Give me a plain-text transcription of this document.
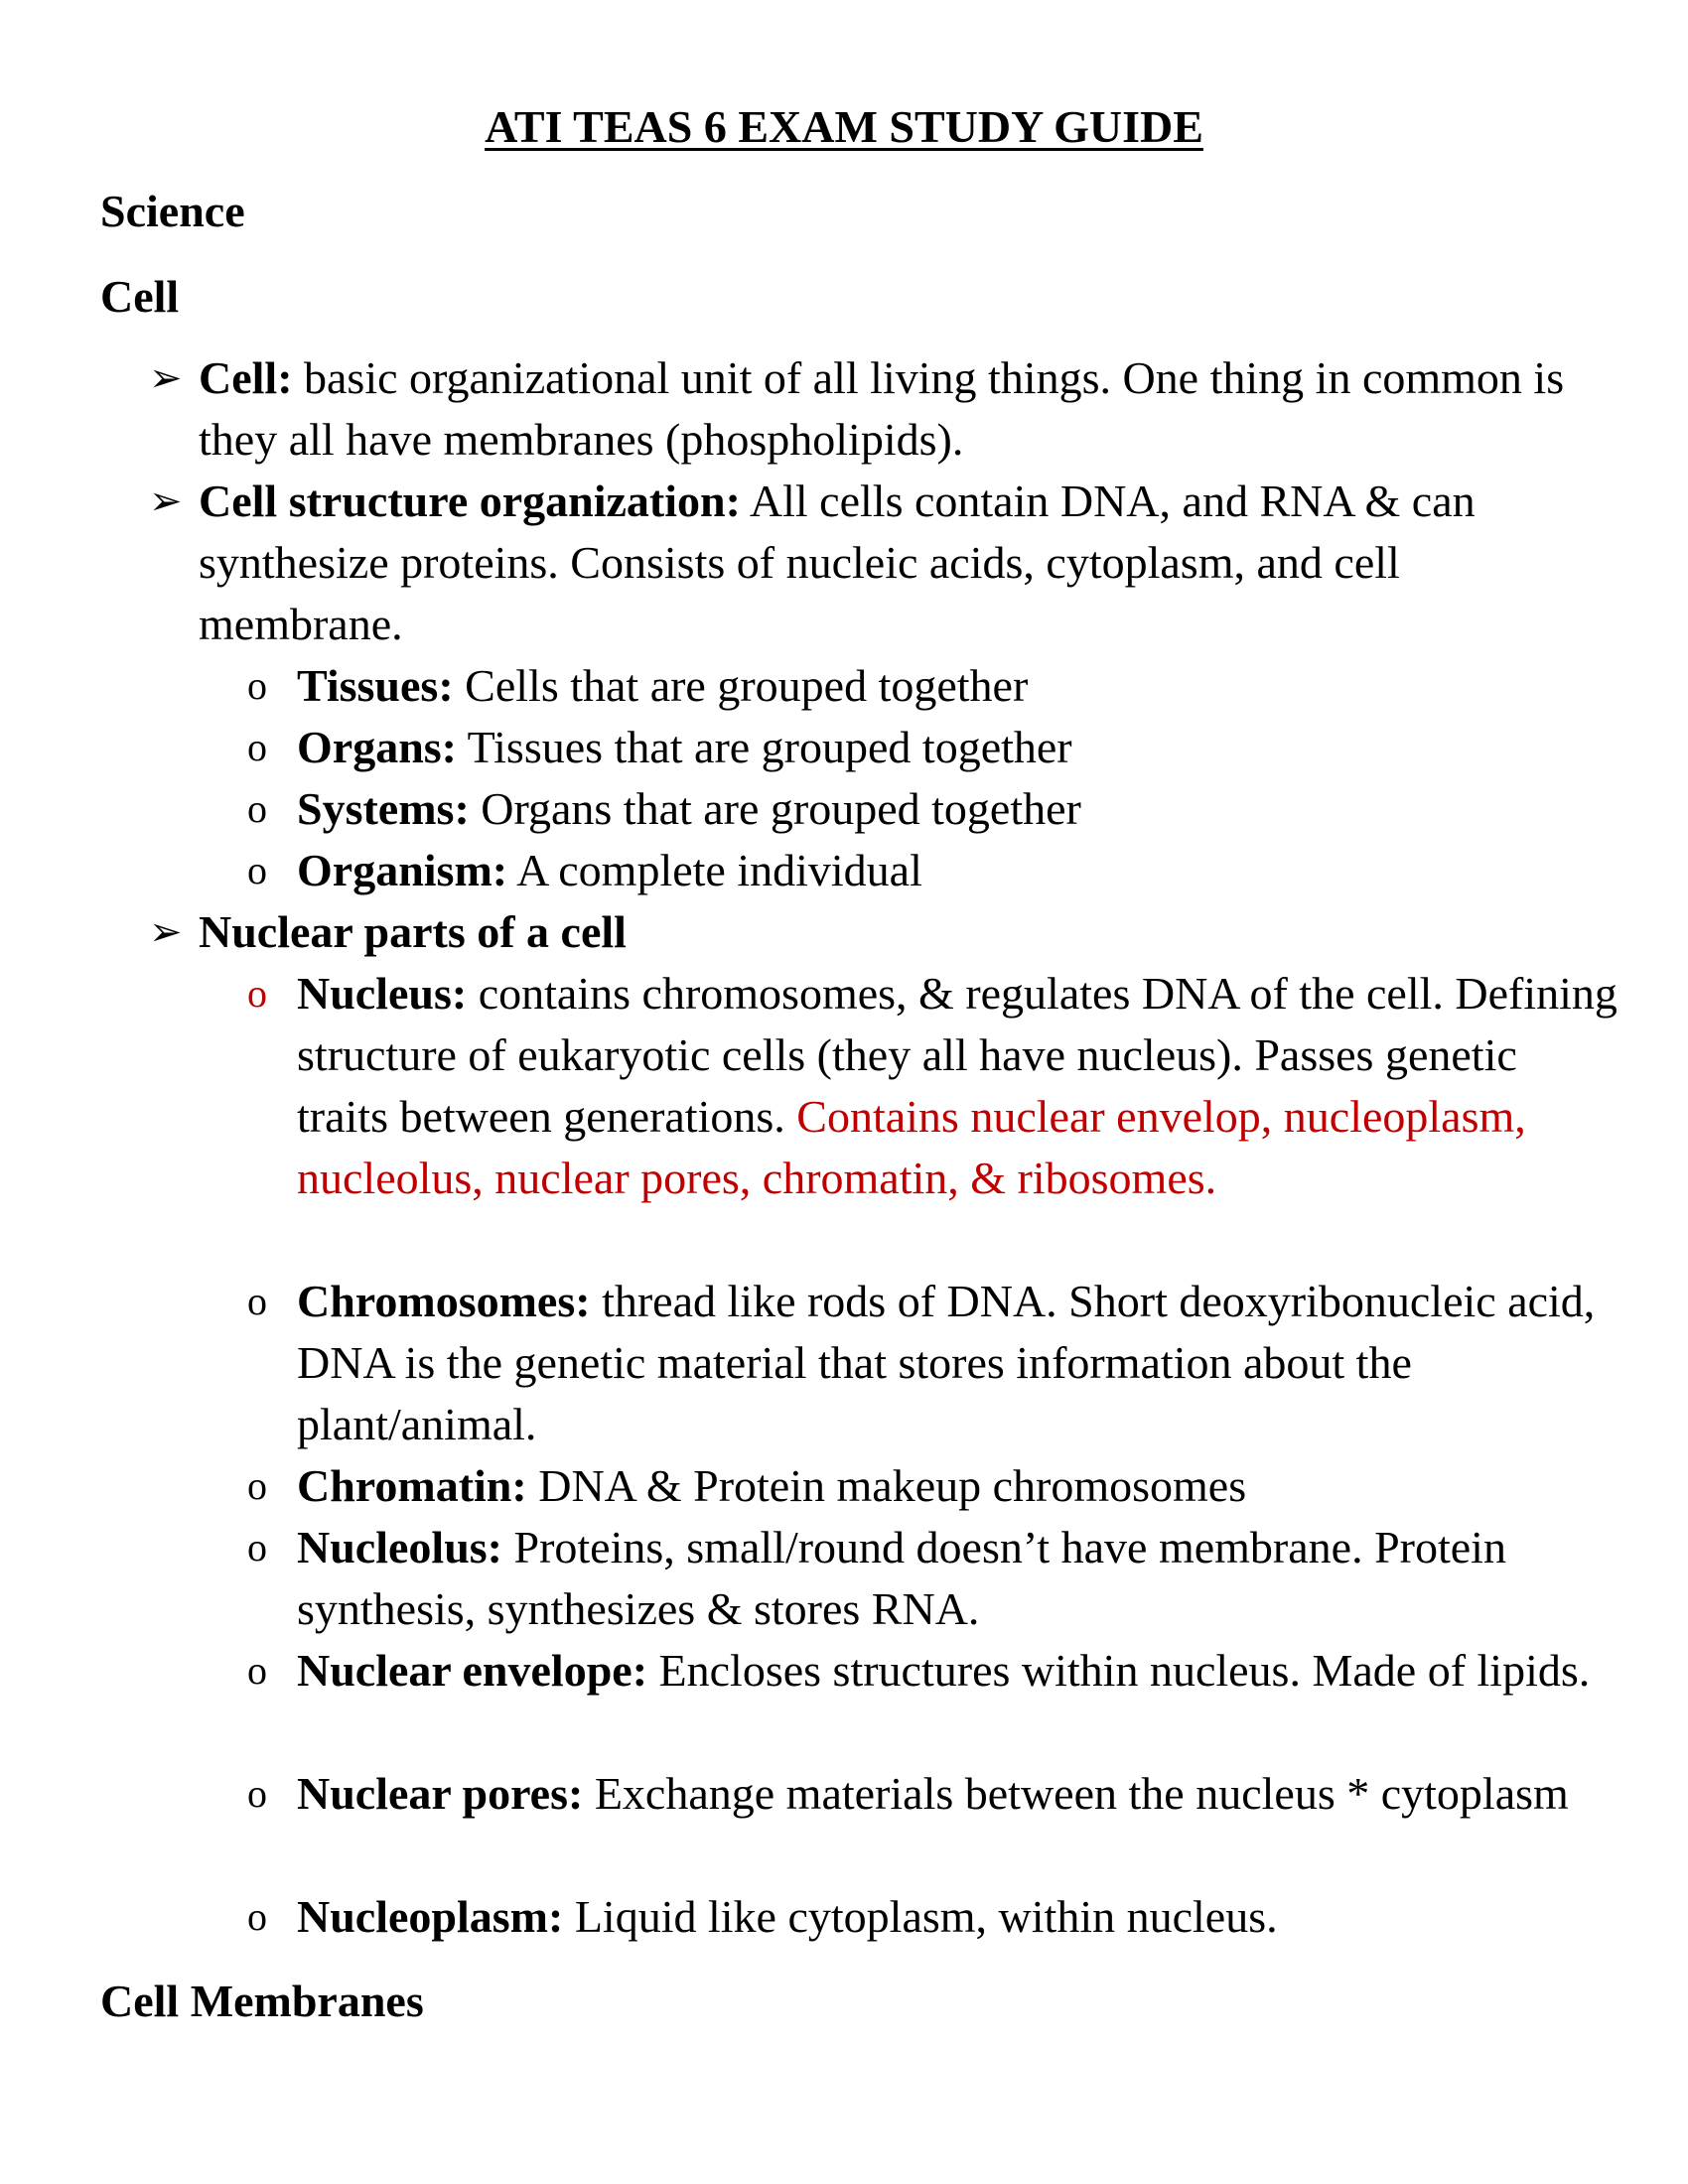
ATI TEAS 6 EXAM STUDY GUIDE
Science
Cell
➢ Cell: basic organizational unit of all living things. One thing in common is they all have membranes (phospholipids).
➢ Cell structure organization: All cells contain DNA, and RNA & can synthesize proteins. Consists of nucleic acids, cytoplasm, and cell membrane.
o Tissues: Cells that are grouped together
o Organs: Tissues that are grouped together
o Systems: Organs that are grouped together
o Organism: A complete individual
➢ Nuclear parts of a cell
o Nucleus: contains chromosomes, & regulates DNA of the cell. Defining structure of eukaryotic cells (they all have nucleus). Passes genetic traits between generations. Contains nuclear envelop, nucleoplasm, nucleolus, nuclear pores, chromatin, & ribosomes.
o Chromosomes: thread like rods of DNA. Short deoxyribonucleic acid, DNA is the genetic material that stores information about the plant/animal.
o Chromatin: DNA & Protein makeup chromosomes
o Nucleolus: Proteins, small/round doesn’t have membrane. Protein synthesis, synthesizes & stores RNA.
o Nuclear envelope: Encloses structures within nucleus. Made of lipids.
o Nuclear pores: Exchange materials between the nucleus * cytoplasm
o Nucleoplasm: Liquid like cytoplasm, within nucleus.
Cell Membranes
